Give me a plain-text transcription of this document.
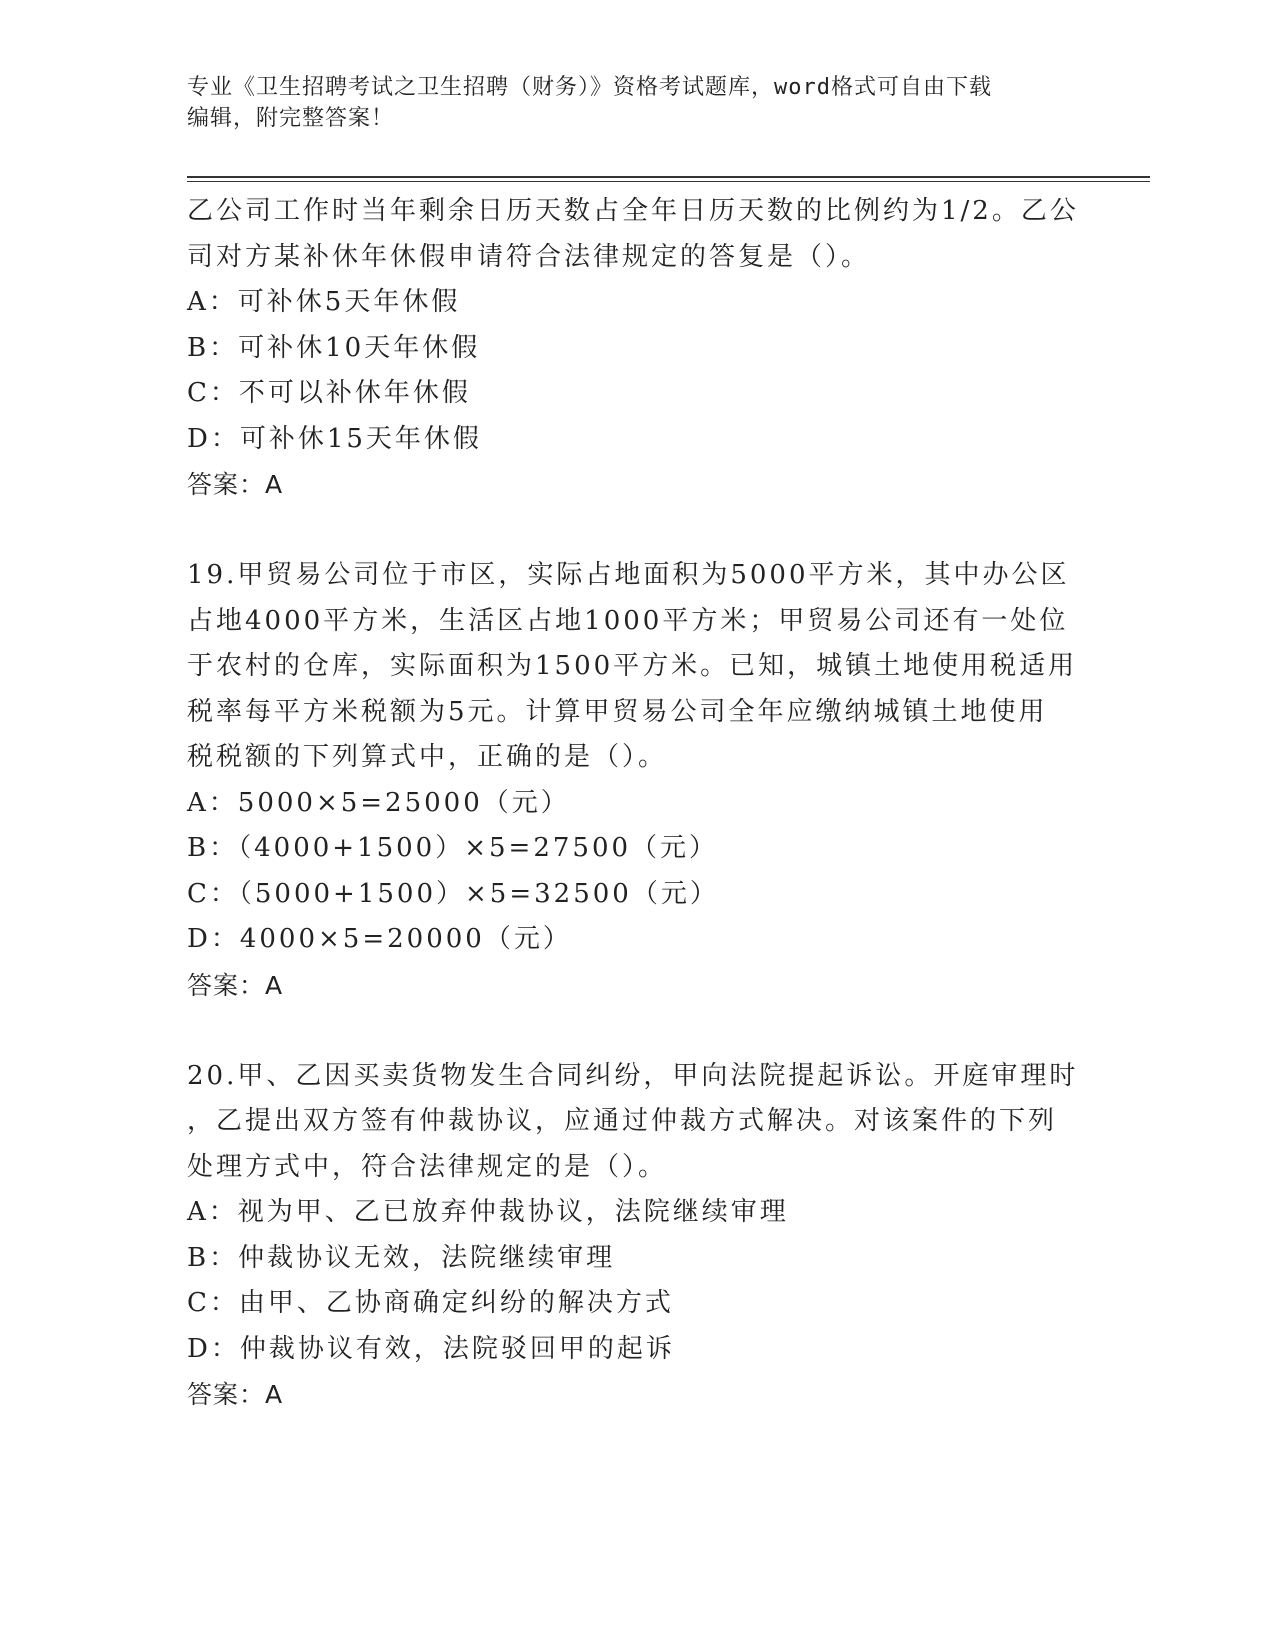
专业《卫生招聘考试之卫生招聘（财务）》资格考试题库，word格式可自由下载
编辑，附完整答案！
乙公司工作时当年剩余日历天数占全年日历天数的比例约为1/2。乙公
司对方某补休年休假申请符合法律规定的答复是（）。
A：可补休5天年休假
B：可补休10天年休假
C：不可以补休年休假
D：可补休15天年休假
答案：A
19.甲贸易公司位于市区，实际占地面积为5000平方米，其中办公区
占地4000平方米，生活区占地1000平方米；甲贸易公司还有一处位
于农村的仓库，实际面积为1500平方米。已知，城镇土地使用税适用
税率每平方米税额为5元。计算甲贸易公司全年应缴纳城镇土地使用
税税额的下列算式中，正确的是（）。
A：5000×5=25000（元）
B：（4000+1500）×5=27500（元）
C：（5000+1500）×5=32500（元）
D：4000×5=20000（元）
答案：A
20.甲、乙因买卖货物发生合同纠纷，甲向法院提起诉讼。开庭审理时
，乙提出双方签有仲裁协议，应通过仲裁方式解决。对该案件的下列
处理方式中，符合法律规定的是（）。
A：视为甲、乙已放弃仲裁协议，法院继续审理
B：仲裁协议无效，法院继续审理
C：由甲、乙协商确定纠纷的解决方式
D：仲裁协议有效，法院驳回甲的起诉
答案：A
